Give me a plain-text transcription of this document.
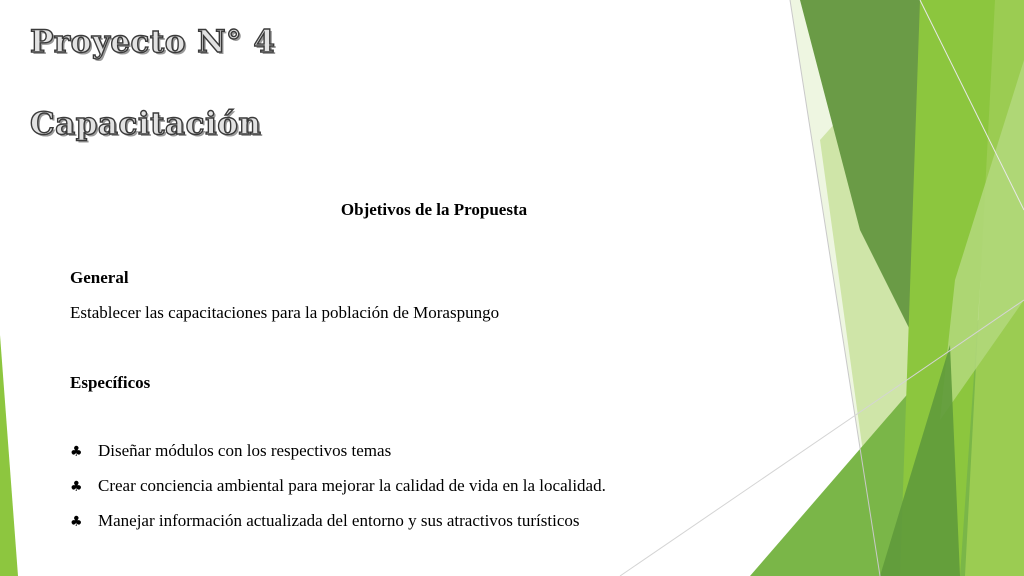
Proyecto N° 4
Capacitación
Objetivos de la Propuesta
General
Establecer las capacitaciones para la población de Moraspungo
Específicos
♣ Diseñar módulos con los respectivos temas
♣ Crear conciencia ambiental para mejorar la calidad de vida en la localidad.
♣ Manejar información actualizada del entorno y sus atractivos turísticos
